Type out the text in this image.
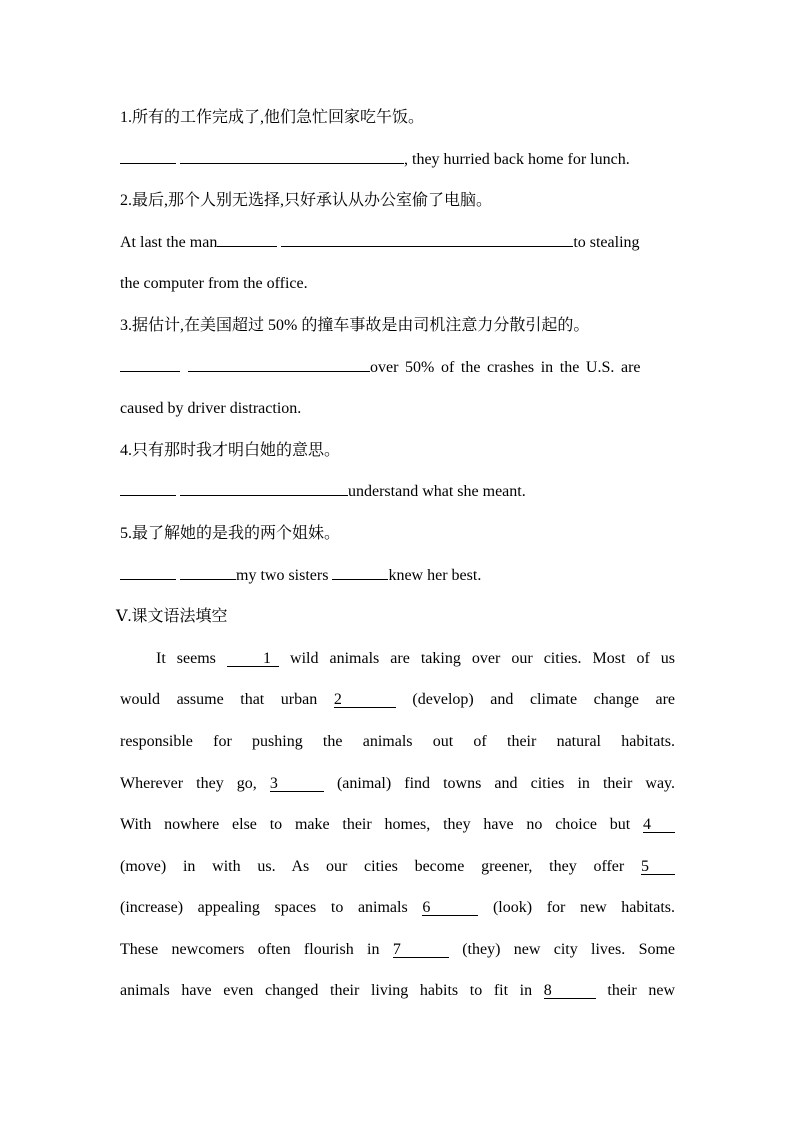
1.所有的工作完成了,他们急忙回家吃午饭。
, they hurried back home for lunch.
2.最后,那个人别无选择,只好承认从办公室偷了电脑。
At last the man	to stealing
the computer from the office.
3.据估计,在美国超过 50% 的撞车事故是由司机注意力分散引起的。
over 50% of the crashes in the U.S. are
caused by driver distraction.
4.只有那时我才明白她的意思。
understand what she meant.
5.最了解她的是我的两个姐妹。
my two sisters	knew her best.
Ⅴ.课文语法填空
It seems	1 wild animals are taking over our cities. Most of us
would assume that urban 2	(develop) and climate change are
responsible for pushing the animals out of their natural habitats.
Wherever they go, 3	(animal) find towns and cities in their way.
With nowhere else to make their homes, they have no choice but 4
(move) in with us. As our cities become greener, they offer 5
(increase) appealing spaces to animals 6	(look) for new habitats.
These newcomers often flourish in 7	(they) new city lives. Some
animals have even changed their living habits to fit in 8	their new
